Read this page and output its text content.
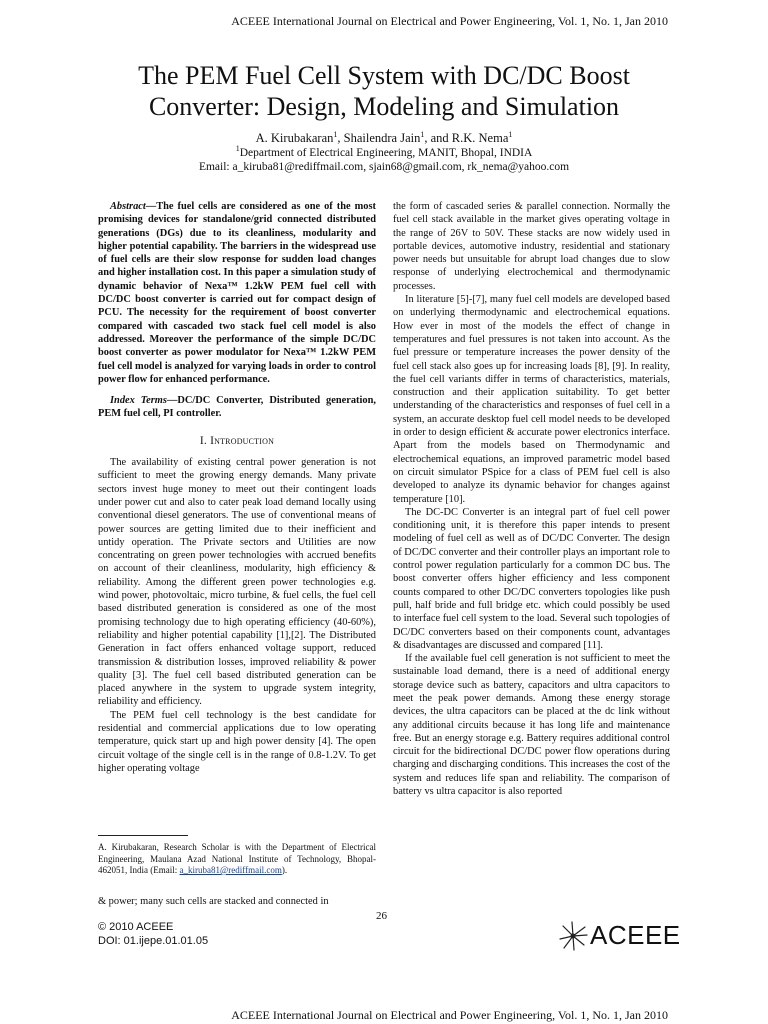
ACEEE International Journal on Electrical and Power Engineering, Vol. 1, No. 1, Jan 2010
The PEM Fuel Cell System with DC/DC Boost
Converter: Design, Modeling and Simulation
A. Kirubakaran$^1$, Shailendra Jain$^1$, and R.K. Nema$^1$
$^1$Department of Electrical Engineering, MANIT, Bhopal, INDIA
Email: a_kiruba81@rediffmail.com, sjain68@gmail.com, rk_nema@yahoo.com

Abstract—The fuel cells are considered as one of the most promising devices for standalone/grid connected distributed generations (DGs) due to its cleanliness, modularity and higher potential capability. The barriers in the widespread use of fuel cells are their slow response for sudden load changes and higher installation cost. In this paper a simulation study of dynamic behavior of Nexa™ 1.2kW PEM fuel cell with DC/DC boost converter is carried out for compact design of PCU. The necessity for the requirement of boost converter compared with cascaded two stack fuel cell model is also addressed. Moreover the performance of the simple DC/DC boost converter as power modulator for Nexa™ 1.2kW PEM fuel cell model is analyzed for varying loads in order to control power flow for enhanced performance.

Index Terms—DC/DC Converter, Distributed generation, PEM fuel cell, PI controller.

I. Introduction

The availability of existing central power generation is not sufficient to meet the growing energy demands. Many private sectors invest huge money to meet out their contingent loads under power cut and also to cater peak load demand locally using conventional diesel generators. The use of conventional means of power sources are getting limited due to their inefficient and untidy operation. The Private sectors and Utilities are now concentrating on green power technologies with accrued benefits on account of their cleanliness, modularity, high efficiency & reliability. Among the different green power technologies e.g. wind power, photovoltaic, micro turbine, & fuel cells, the fuel cell based distributed generation is considered as one of the most promising technology due to high operating efficiency (40-60%), reliability and higher potential capability [1],[2]. The Distributed Generation in fact offers enhanced voltage support, reduced transmission & distribution losses, improved reliability & power quality [3]. The fuel cell based distributed generation can be placed anywhere in the system to upgrade system integrity, reliability and efficiency.

The PEM fuel cell technology is the best candidate for residential and commercial applications due to low operating temperature, quick start up and high power density [4]. The open circuit voltage of the single cell is in the range of 0.8-1.2V. To get higher operating voltage

A. Kirubakaran, Research Scholar is with the Department of Electrical Engineering, Maulana Azad National Institute of Technology, Bhopal-462051, India (Email: a_kiruba81@rediffmail.com).
& power; many such cells are stacked and connected in

the form of cascaded series & parallel connection. Normally the fuel cell stack available in the market gives operating voltage in the range of 26V to 50V. These stacks are now widely used in portable devices, automotive industry, residential and stationary power needs but unsuitable for abrupt load changes due to slow response of underlying electrochemical and thermodynamic processes.

In literature [5]-[7], many fuel cell models are developed based on underlying thermodynamic and electrochemical equations. How ever in most of the models the effect of change in temperatures and fuel pressures is not taken into account. As the fuel pressure or temperature increases the power density of the fuel cell stack also goes up for increasing loads [8], [9]. In reality, the fuel cell variants differ in terms of characteristics, materials, construction and their application suitability. To get better understanding of the characteristics and responses of fuel cell in a system, an accurate desktop fuel cell model needs to be developed in order to design efficient & accurate power electronics interface. Apart from the models based on Thermodynamic and electrochemical equations, an improved parametric model based on circuit simulator PSpice for a class of PEM fuel cell is also developed to analyze its dynamic behavior for changes against temperature [10].

The DC-DC Converter is an integral part of fuel cell power conditioning unit, it is therefore this paper intends to present modeling of fuel cell as well as of DC/DC Converter. The design of DC/DC converter and their controller plays an important role to control power regulation particularly for a common DC bus. The boost converter offers higher efficiency and less component counts compared to other DC/DC converters topologies like push pull, half bride and full bridge etc. which could possibly be used to interface fuel cell system to the load. Several such topologies of DC/DC converters based on their components count, advantages & disadvantages are discussed and compared [11].

If the available fuel cell generation is not sufficient to meet the sustainable load demand, there is a need of additional energy storage device such as battery, capacitors and ultra capacitors to meet the peak power demands. Among these energy storage devices, the ultra capacitors can be placed at the dc link without any additional circuits because it has long life and maintenance free. But an energy storage e.g. Battery requires additional control circuit for the bidirectional DC/DC power flow operations during charging and discharging conditions. This increases the cost of the system and reduces life span and reliability. The comparison of battery vs ultra capacitor is also reported

26
© 2010 ACEEE
DOI: 01.ijepe.01.01.05	ACEEE
ACEEE International Journal on Electrical and Power Engineering, Vol. 1, No. 1, Jan 2010
